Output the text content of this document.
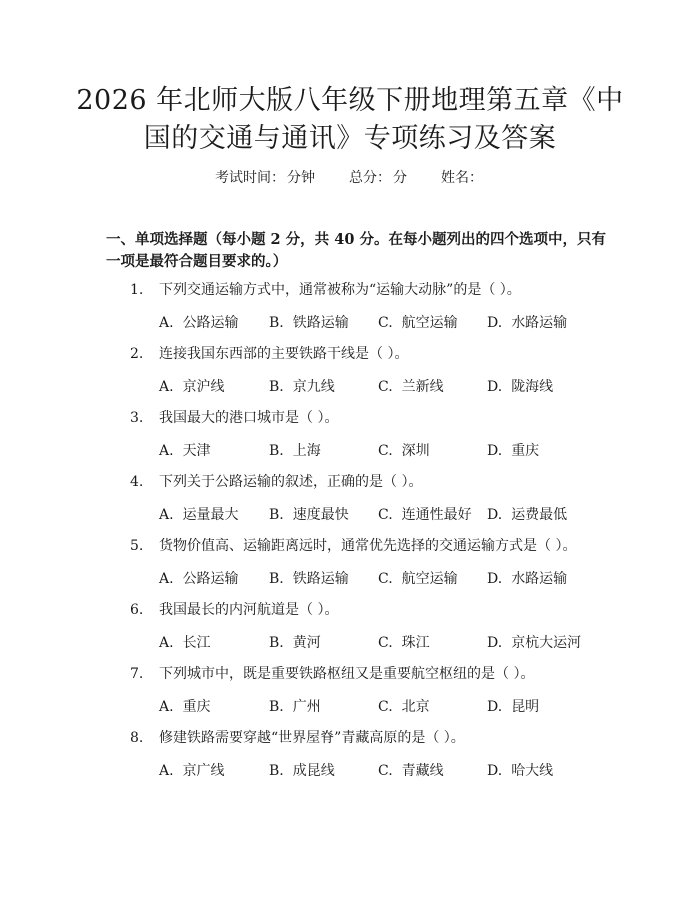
2026 年北师大版八年级下册地理第五章《中
国的交通与通讯》专项练习及答案
考试时间： 分钟 总分： 分 姓名：
一、单项选择题（每小题 2 分，共 40 分。在每小题列出的四个选项中，只有一项是最符合题目要求的。）
1. 下列交通运输方式中，通常被称为“运输大动脉”的是（ ）。
A. 公路运输 B. 铁路运输 C. 航空运输 D. 水路运输
2. 连接我国东西部的主要铁路干线是（ ）。
A. 京沪线	B. 京九线	C. 兰新线	D. 陇海线
3. 我国最大的港口城市是（ ）。
A. 天津	B. 上海	C. 深圳	D. 重庆
4. 下列关于公路运输的叙述，正确的是（ ）。
A. 运量最大 B. 速度最快 C. 连通性最好 D. 运费最低
5. 货物价值高、运输距离远时，通常优先选择的交通运输方式是（ ）。
A. 公路运输 B. 铁路运输 C. 航空运输 D. 水路运输
6. 我国最长的内河航道是（ ）。
A. 长江	B. 黄河	C. 珠江	D. 京杭大运河
7. 下列城市中，既是重要铁路枢纽又是重要航空枢纽的是（ ）。
A. 重庆	B. 广州	C. 北京	D. 昆明
8. 修建铁路需要穿越“世界屋脊”青藏高原的是（ ）。
A. 京广线	B. 成昆线	C. 青藏线	D. 哈大线
